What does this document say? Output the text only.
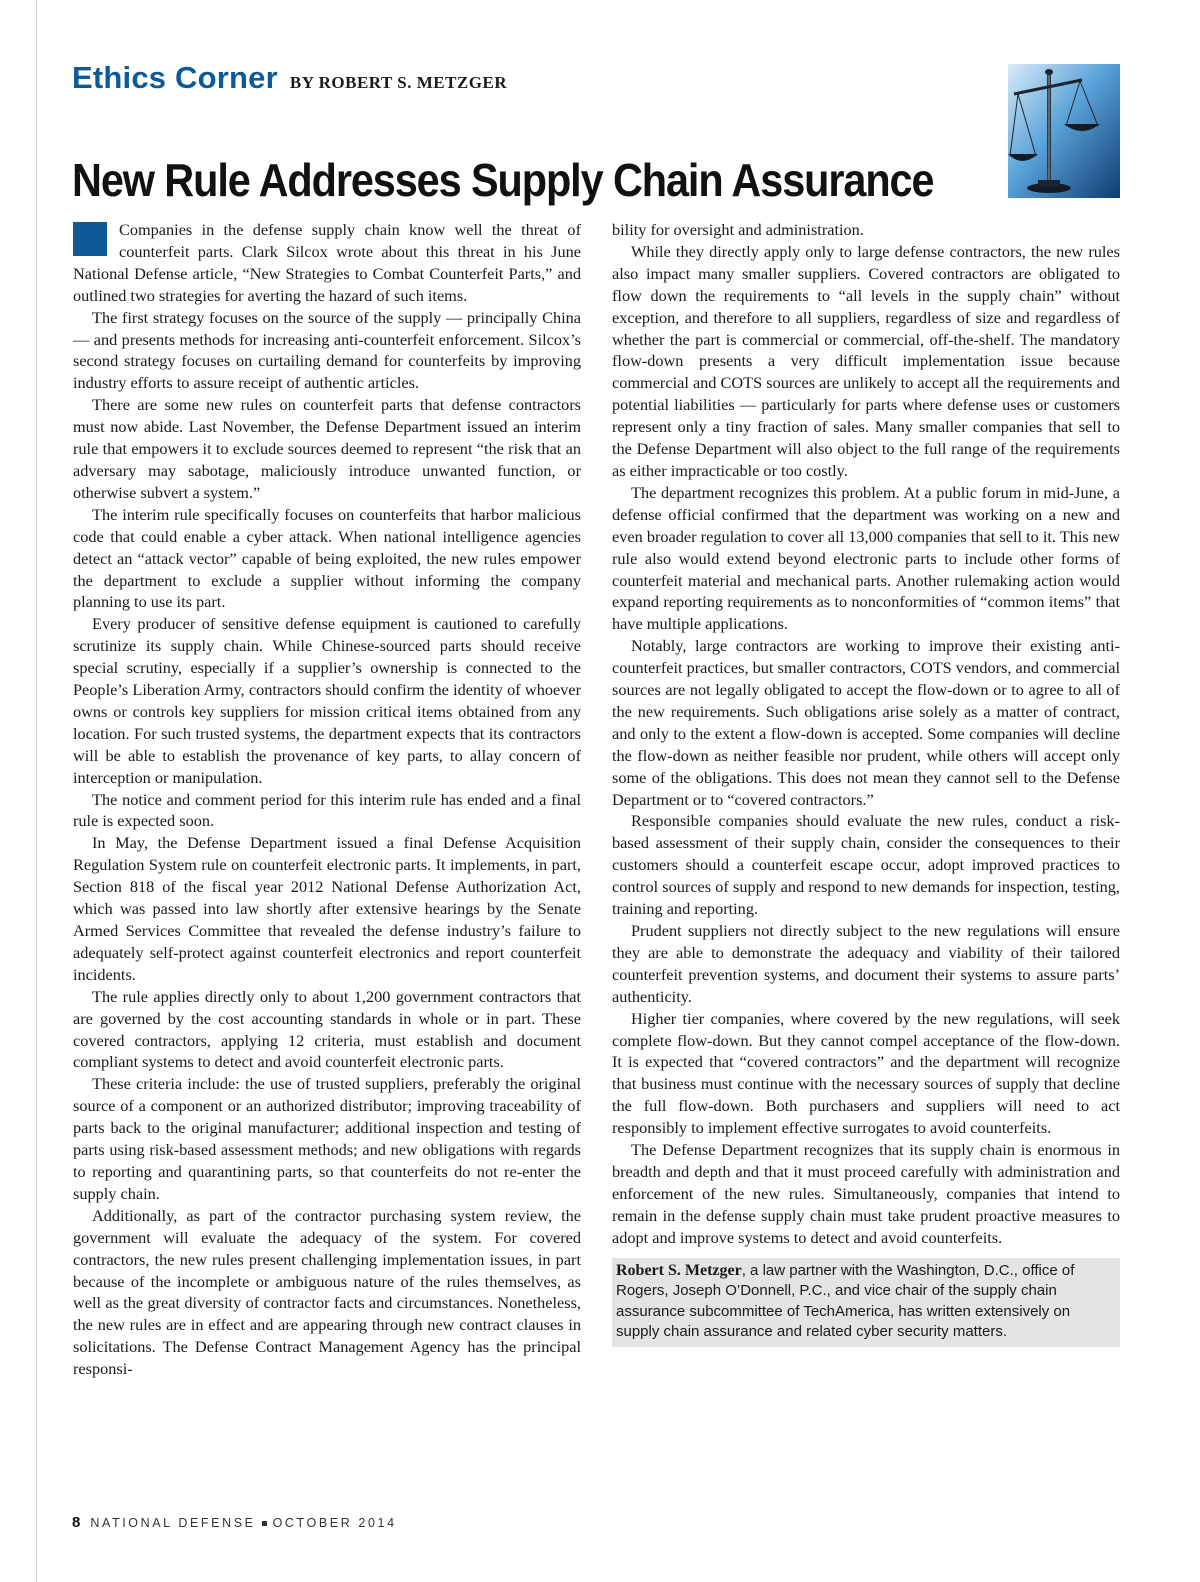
Ethics Corner BY ROBERT S. METZGER
New Rule Addresses Supply Chain Assurance

Companies in the defense supply chain know well the threat of counterfeit parts. Clark Silcox wrote about this threat in his June National Defense article, “New Strategies to Combat Counterfeit Parts,” and outlined two strategies for averting the hazard of such items.

The first strategy focuses on the source of the supply — principally China — and presents methods for increasing anti-counterfeit enforcement. Silcox’s second strategy focuses on curtailing demand for counterfeits by improving industry efforts to assure receipt of authentic articles.

There are some new rules on counterfeit parts that defense contractors must now abide. Last November, the Defense Department issued an interim rule that empowers it to exclude sources deemed to represent “the risk that an adversary may sabotage, maliciously introduce unwanted function, or otherwise subvert a system.”

The interim rule specifically focuses on counterfeits that harbor malicious code that could enable a cyber attack. When national intelligence agencies detect an “attack vector” capable of being exploited, the new rules empower the department to exclude a supplier without informing the company planning to use its part.

Every producer of sensitive defense equipment is cautioned to carefully scrutinize its supply chain. While Chinese-sourced parts should receive special scrutiny, especially if a supplier’s ownership is connected to the People’s Liberation Army, contractors should confirm the identity of whoever owns or controls key suppliers for mission critical items obtained from any location. For such trusted systems, the department expects that its contractors will be able to establish the provenance of key parts, to allay concern of interception or manipulation.

The notice and comment period for this interim rule has ended and a final rule is expected soon.

In May, the Defense Department issued a final Defense Acquisition Regulation System rule on counterfeit electronic parts. It implements, in part, Section 818 of the fiscal year 2012 National Defense Authorization Act, which was passed into law shortly after extensive hearings by the Senate Armed Services Committee that revealed the defense industry’s failure to adequately self-protect against counterfeit electronics and report counterfeit incidents.

The rule applies directly only to about 1,200 government contractors that are governed by the cost accounting standards in whole or in part. These covered contractors, applying 12 criteria, must establish and document compliant systems to detect and avoid counterfeit electronic parts.

These criteria include: the use of trusted suppliers, preferably the original source of a component or an authorized distributor; improving traceability of parts back to the original manufacturer; additional inspection and testing of parts using risk-based assessment methods; and new obligations with regards to reporting and quarantining parts, so that counterfeits do not re-enter the supply chain.

Additionally, as part of the contractor purchasing system review, the government will evaluate the adequacy of the system. For covered contractors, the new rules present challenging implementation issues, in part because of the incomplete or ambiguous nature of the rules themselves, as well as the great diversity of contractor facts and circumstances. Nonetheless, the new rules are in effect and are appearing through new contract clauses in solicitations. The Defense Contract Management Agency has the principal responsi-

bility for oversight and administration.

While they directly apply only to large defense contractors, the new rules also impact many smaller suppliers. Covered contractors are obligated to flow down the requirements to “all levels in the supply chain” without exception, and therefore to all suppliers, regardless of size and regardless of whether the part is commercial or commercial, off-the-shelf. The mandatory flow-down presents a very difficult implementation issue because commercial and COTS sources are unlikely to accept all the requirements and potential liabilities — particularly for parts where defense uses or customers represent only a tiny fraction of sales. Many smaller companies that sell to the Defense Department will also object to the full range of the requirements as either impracticable or too costly.

The department recognizes this problem. At a public forum in mid-June, a defense official confirmed that the department was working on a new and even broader regulation to cover all 13,000 companies that sell to it. This new rule also would extend beyond electronic parts to include other forms of counterfeit material and mechanical parts. Another rulemaking action would expand reporting requirements as to nonconformities of “common items” that have multiple applications.

Notably, large contractors are working to improve their existing anti-counterfeit practices, but smaller contractors, COTS vendors, and commercial sources are not legally obligated to accept the flow-down or to agree to all of the new requirements. Such obligations arise solely as a matter of contract, and only to the extent a flow-down is accepted. Some companies will decline the flow-down as neither feasible nor prudent, while others will accept only some of the obligations. This does not mean they cannot sell to the Defense Department or to “covered contractors.”

Responsible companies should evaluate the new rules, conduct a risk-based assessment of their supply chain, consider the consequences to their customers should a counterfeit escape occur, adopt improved practices to control sources of supply and respond to new demands for inspection, testing, training and reporting.

Prudent suppliers not directly subject to the new regulations will ensure they are able to demonstrate the adequacy and viability of their tailored counterfeit prevention systems, and document their systems to assure parts’ authenticity.

Higher tier companies, where covered by the new regulations, will seek complete flow-down. But they cannot compel acceptance of the flow-down. It is expected that “covered contractors” and the department will recognize that business must continue with the necessary sources of supply that decline the full flow-down. Both purchasers and suppliers will need to act responsibly to implement effective surrogates to avoid counterfeits.

The Defense Department recognizes that its supply chain is enormous in breadth and depth and that it must proceed carefully with administration and enforcement of the new rules. Simultaneously, companies that intend to remain in the defense supply chain must take prudent proactive measures to adopt and improve systems to detect and avoid counterfeits.

Robert S. Metzger, a law partner with the Washington, D.C., office of Rogers, Joseph O’Donnell, P.C., and vice chair of the supply chain assurance subcommittee of TechAmerica, has written extensively on supply chain assurance and related cyber security matters.
8 NATIONAL DEFENSE OCTOBER 2014
